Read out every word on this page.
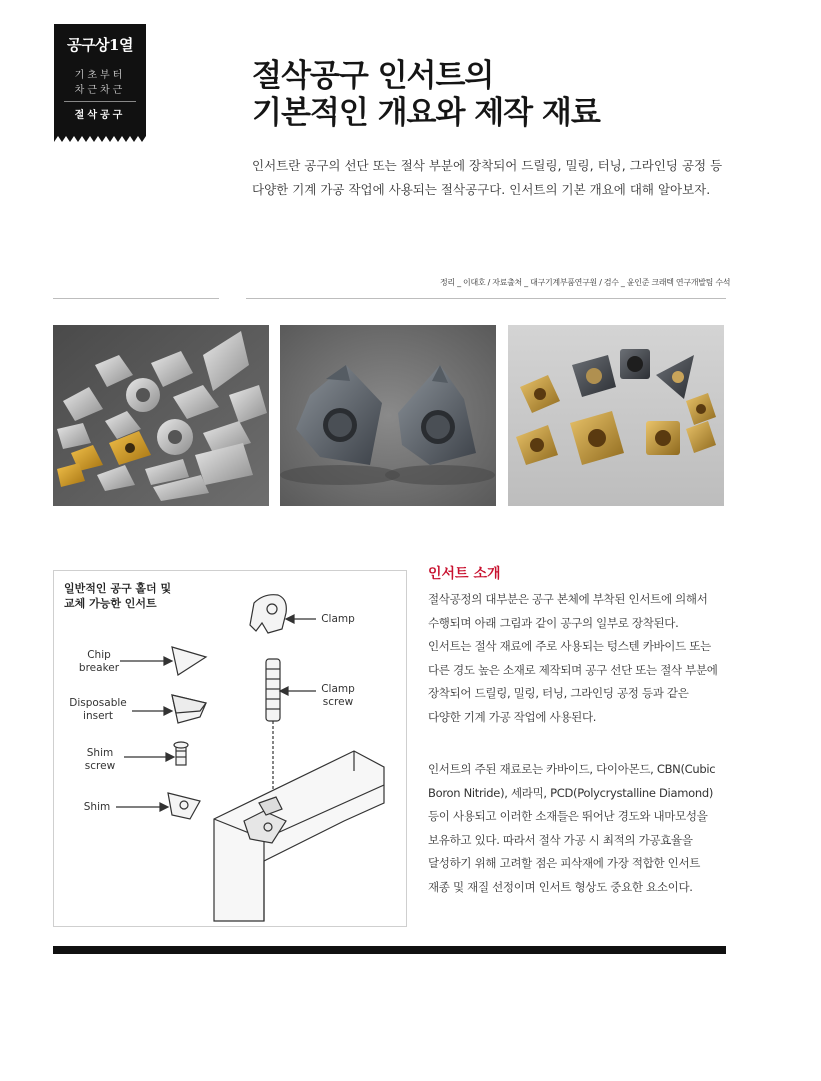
공구상1열
기초부터
차근차근
절삭공구
절삭공구 인서트의
기본적인 개요와 제작 재료
인서트란 공구의 선단 또는 절삭 부분에 장착되어 드릴링, 밀링, 터닝, 그라인딩 공정 등
다양한 기계 가공 작업에 사용되는 절삭공구다. 인서트의 기본 개요에 대해 알아보자.
정리 _ 이대호 / 자료출처 _ 대구기계부품연구원 / 검수 _ 윤인준 크래텍 연구개발팀 수석
일반적인 공구 홀더 및
교체 가능한 인서트
Chip
breaker
Disposable
insert
Shim
screw
Shim
Clamp
Clamp
screw
인서트 소개
절삭공정의 대부분은 공구 본체에 부착된 인서트에 의해서
수행되며 아래 그림과 같이 공구의 일부로 장착된다.
인서트는 절삭 재료에 주로 사용되는 텅스텐 카바이드 또는
다른 경도 높은 소재로 제작되며 공구 선단 또는 절삭 부분에
장착되어 드릴링, 밀링, 터닝, 그라인딩 공정 등과 같은
다양한 기계 가공 작업에 사용된다.
인서트의 주된 재료로는 카바이드, 다이아몬드, CBN(Cubic
Boron Nitride), 세라믹, PCD(Polycrystalline Diamond)
등이 사용되고 이러한 소재들은 뛰어난 경도와 내마모성을
보유하고 있다. 따라서 절삭 가공 시 최적의 가공효율을
달성하기 위해 고려할 점은 피삭재에 가장 적합한 인서트
재종 및 재질 선정이며 인서트 형상도 중요한 요소이다.
